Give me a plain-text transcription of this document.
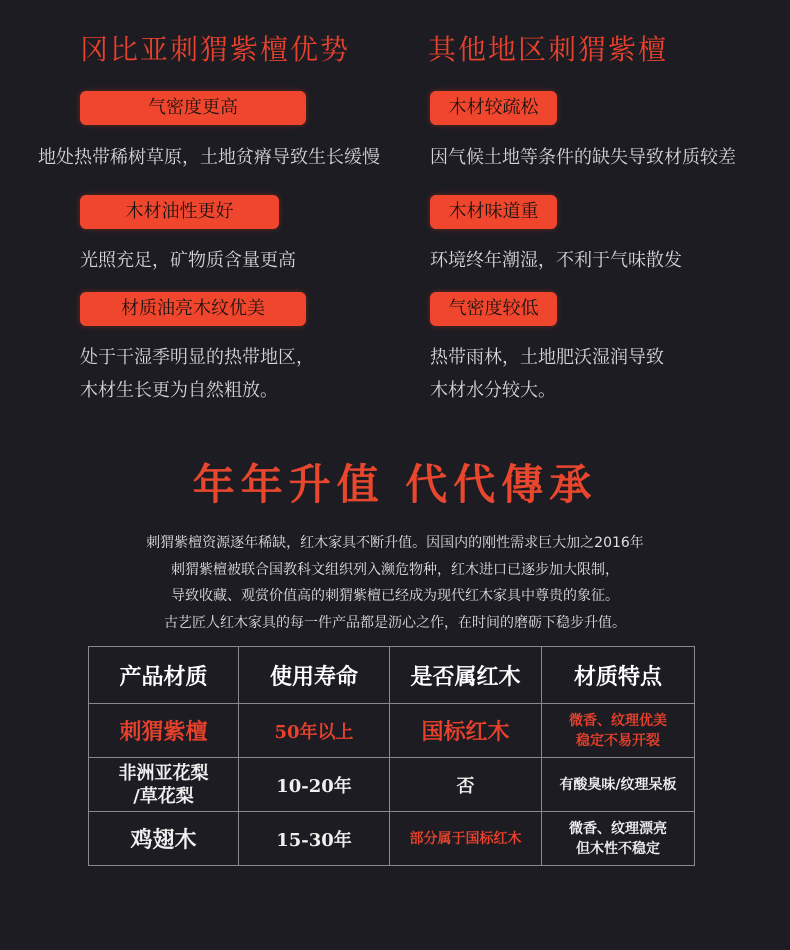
冈比亚刺猬紫檀优势
气密度更高
地处热带稀树草原，土地贫瘠导致生长缓慢
木材油性更好
光照充足，矿物质含量更高
材质油亮木纹优美
处于干湿季明显的热带地区，
木材生长更为自然粗放。
其他地区刺猬紫檀
木材较疏松
因气候土地等条件的缺失导致材质较差
木材味道重
环境终年潮湿，不利于气味散发
气密度较低
热带雨林，土地肥沃湿润导致
木材水分较大。
年年升值 代代傳承
刺猬紫檀资源逐年稀缺，红木家具不断升值。因国内的刚性需求巨大加之2016年
刺猬紫檀被联合国教科文组织列入濒危物种，红木进口已逐步加大限制，
导致收藏、观赏价值高的刺猬紫檀已经成为现代红木家具中尊贵的象征。
古艺匠人红木家具的每一件产品都是沥心之作，在时间的磨砺下稳步升值。
产品材质	使用寿命	是否属红木	材质特点
刺猬紫檀	50年以上	国标红木	微香、纹理优美
稳定不易开裂

非洲亚花梨
/草花梨	10-20年	否	有酸臭味/纹理呆板
鸡翅木	15-30年	部分属于国标红木	微香、纹理漂亮
但木性不稳定
